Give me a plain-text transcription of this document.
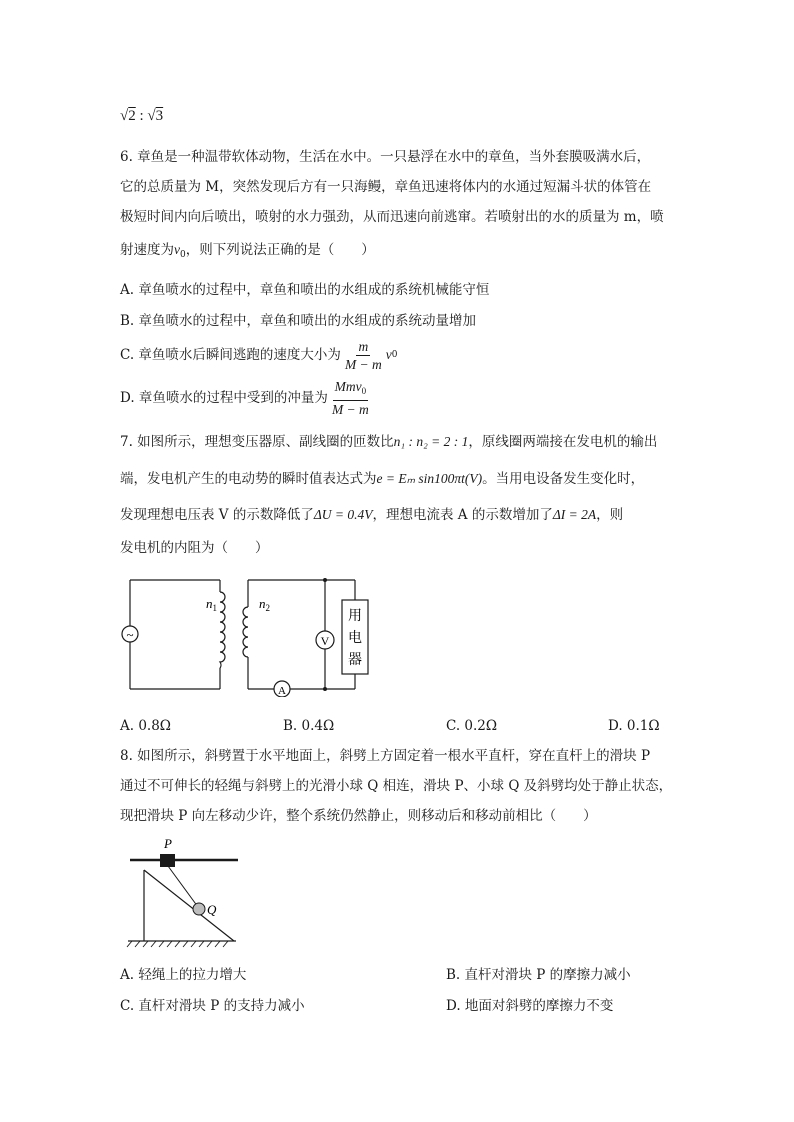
√2 : √3
6. 章鱼是一种温带软体动物，生活在水中。一只悬浮在水中的章鱼，当外套膜吸满水后，
它的总质量为 M，突然发现后方有一只海鳗，章鱼迅速将体内的水通过短漏斗状的体管在
极短时间内向后喷出，喷射的水力强劲，从而迅速向前逃窜。若喷射出的水的质量为 m，喷
射速度为$v_0$，则下列说法正确的是（　　）
A. 章鱼喷水的过程中，章鱼和喷出的水组成的系统机械能守恒
B. 章鱼喷水的过程中，章鱼和喷出的水组成的系统动量增加
C. 章鱼喷水后瞬间逃跑的速度大小为 $\frac{m}{M - m}$ v 0
D. 章鱼喷水的过程中受到的冲量为 $\frac{Mmv_0}{M - m}$
7. 如图所示，理想变压器原、副线圈的匝数比n₁ : n₂ = 2 : 1，原线圈两端接在发电机的输出
端，发电机产生的电动势的瞬时值表达式为e = Eₘ sin100πt(V)。当用电设备发生变化时，
发现理想电压表 V 的示数降低了ΔU = 0.4V，理想电流表 A 的示数增加了ΔI = 2A，则
发电机的内阻为（　　）
~	V
A
$n_1$	$n_2$
用
电
器
A. 0.8Ω	B. 0.4Ω	C. 0.2Ω	D. 0.1Ω
8. 如图所示，斜劈置于水平地面上，斜劈上方固定着一根水平直杆，穿在直杆上的滑块 P
通过不可伸长的轻绳与斜劈上的光滑小球 Q 相连，滑块 P、小球 Q 及斜劈均处于静止状态，
现把滑块 P 向左移动少许，整个系统仍然静止，则移动后和移动前相比（　　）
P
Q
A. 轻绳上的拉力增大	B. 直杆对滑块 P 的摩擦力减小
C. 直杆对滑块 P 的支持力减小	D. 地面对斜劈的摩擦力不变
